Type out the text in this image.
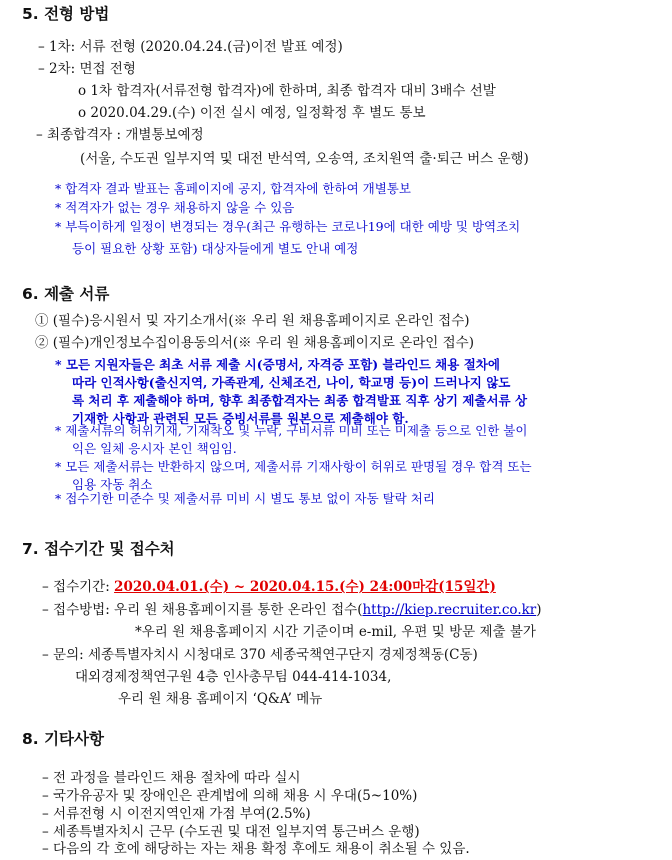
5. 전형 방법
– 1차: 서류 전형 (2020.04.24.(금)이전 발표 예정)
– 2차: 면접 전형
o 1차 합격자(서류전형 합격자)에 한하며, 최종 합격자 대비 3배수 선발
o 2020.04.29.(수) 이전 실시 예정, 일정확정 후 별도 통보
– 최종합격자 : 개별통보예정
(서울, 수도권 일부지역 및 대전 반석역, 오송역, 조치원역 출·퇴근 버스 운행)
* 합격자 결과 발표는 홈페이지에 공지, 합격자에 한하여 개별통보
* 적격자가 없는 경우 채용하지 않을 수 있음
* 부득이하게 일정이 변경되는 경우(최근 유행하는 코로나19에 대한 예방 및 방역조치
등이 필요한 상황 포함) 대상자들에게 별도 안내 예정
6. 제출 서류
① (필수)응시원서 및 자기소개서(※ 우리 원 채용홈페이지로 온라인 접수)
② (필수)개인정보수집이용동의서(※ 우리 원 채용홈페이지로 온라인 접수)
* 모든 지원자들은 최초 서류 제출 시(증명서, 자격증 포함) 블라인드 채용 절차에
따라 인적사항(출신지역, 가족관계, 신체조건, 나이, 학교명 등)이 드러나지 않도
록 처리 후 제출해야 하며, 향후 최종합격자는 최종 합격발표 직후 상기 제출서류 상
기재한 사항과 관련된 모든 증빙서류를 원본으로 제출해야 함.
* 제출서류의 허위기재, 기재착오 및 누락, 구비서류 미비 또는 미제출 등으로 인한 불이
익은 일체 응시자 본인 책임임.
* 모든 제출서류는 반환하지 않으며, 제출서류 기재사항이 허위로 판명될 경우 합격 또는
임용 자동 취소
* 접수기한 미준수 및 제출서류 미비 시 별도 통보 없이 자동 탈락 처리
7. 접수기간 및 접수처
– 접수기간: 2020.04.01.(수) ~ 2020.04.15.(수) 24:00마감(15일간)
– 접수방법: 우리 원 채용홈페이지를 통한 온라인 접수(http://kiep.recruiter.co.kr)
*우리 원 채용홈페이지 시간 기준이며 e-mil, 우편 및 방문 제출 불가
– 문의: 세종특별자치시 시청대로 370 세종국책연구단지 경제정책동(C동)
대외경제정책연구원 4층 인사총무팀 044-414-1034,
우리 원 채용 홈페이지 ‘Q&A’ 메뉴
8. 기타사항
– 전 과정을 블라인드 채용 절차에 따라 실시
– 국가유공자 및 장애인은 관계법에 의해 채용 시 우대(5~10%)
– 서류전형 시 이전지역인재 가점 부여(2.5%)
– 세종특별자치시 근무 (수도권 및 대전 일부지역 통근버스 운행)
– 다음의 각 호에 해당하는 자는 채용 확정 후에도 채용이 취소될 수 있음.
